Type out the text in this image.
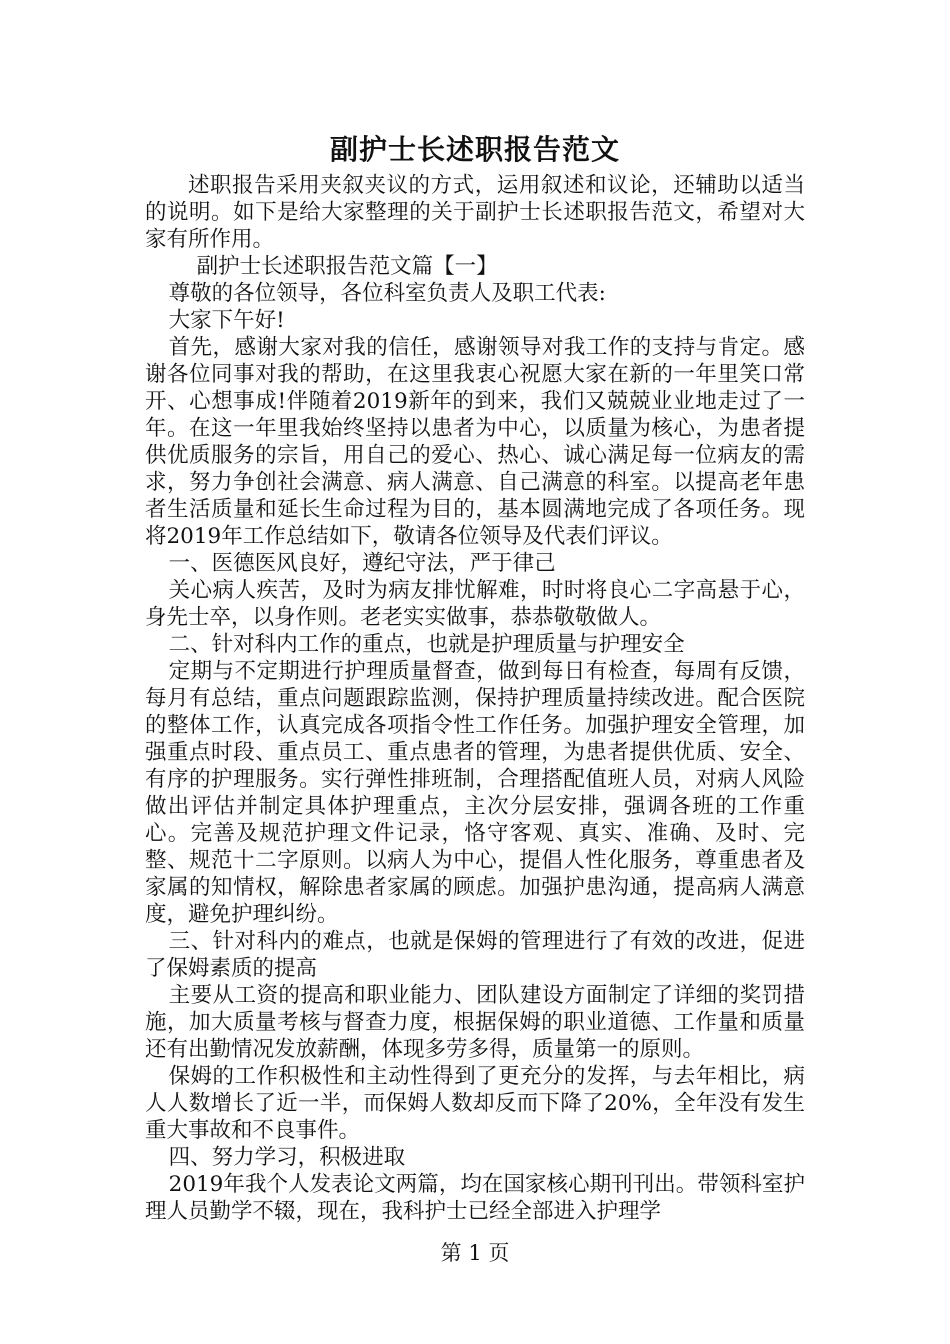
副护士长述职报告范文

述职报告采用夹叙夹议的方式，运用叙述和议论，还辅助以适当的说明。如下是给大家整理的关于副护士长述职报告范文，希望对大家有所作用。

副护士长述职报告范文篇【一】

尊敬的各位领导，各位科室负责人及职工代表:

大家下午好!

首先，感谢大家对我的信任，感谢领导对我工作的支持与肯定。感谢各位同事对我的帮助，在这里我衷心祝愿大家在新的一年里笑口常开、心想事成!伴随着2019新年的到来，我们又兢兢业业地走过了一年。在这一年里我始终坚持以患者为中心，以质量为核心，为患者提供优质服务的宗旨，用自己的爱心、热心、诚心满足每一位病友的需求，努力争创社会满意、病人满意、自己满意的科室。以提高老年患者生活质量和延长生命过程为目的，基本圆满地完成了各项任务。现将2019年工作总结如下，敬请各位领导及代表们评议。

一、医德医风良好，遵纪守法，严于律己

关心病人疾苦，及时为病友排忧解难，时时将良心二字高悬于心，身先士卒，以身作则。老老实实做事，恭恭敬敬做人。

二、针对科内工作的重点，也就是护理质量与护理安全

定期与不定期进行护理质量督查，做到每日有检查，每周有反馈，每月有总结，重点问题跟踪监测，保持护理质量持续改进。配合医院的整体工作，认真完成各项指令性工作任务。加强护理安全管理，加强重点时段、重点员工、重点患者的管理，为患者提供优质、安全、有序的护理服务。实行弹性排班制，合理搭配值班人员，对病人风险做出评估并制定具体护理重点，主次分层安排，强调各班的工作重心。完善及规范护理文件记录，恪守客观、真实、准确、及时、完整、规范十二字原则。以病人为中心，提倡人性化服务，尊重患者及家属的知情权，解除患者家属的顾虑。加强护患沟通，提高病人满意度，避免护理纠纷。

三、针对科内的难点，也就是保姆的管理进行了有效的改进，促进了保姆素质的提高

主要从工资的提高和职业能力、团队建设方面制定了详细的奖罚措施，加大质量考核与督查力度，根据保姆的职业道德、工作量和质量还有出勤情况发放薪酬，体现多劳多得，质量第一的原则。

保姆的工作积极性和主动性得到了更充分的发挥，与去年相比，病人人数增长了近一半，而保姆人数却反而下降了20%，全年没有发生重大事故和不良事件。

四、努力学习，积极进取

2019年我个人发表论文两篇，均在国家核心期刊刊出。带领科室护理人员勤学不辍，现在，我科护士已经全部进入护理学

第 1 页
